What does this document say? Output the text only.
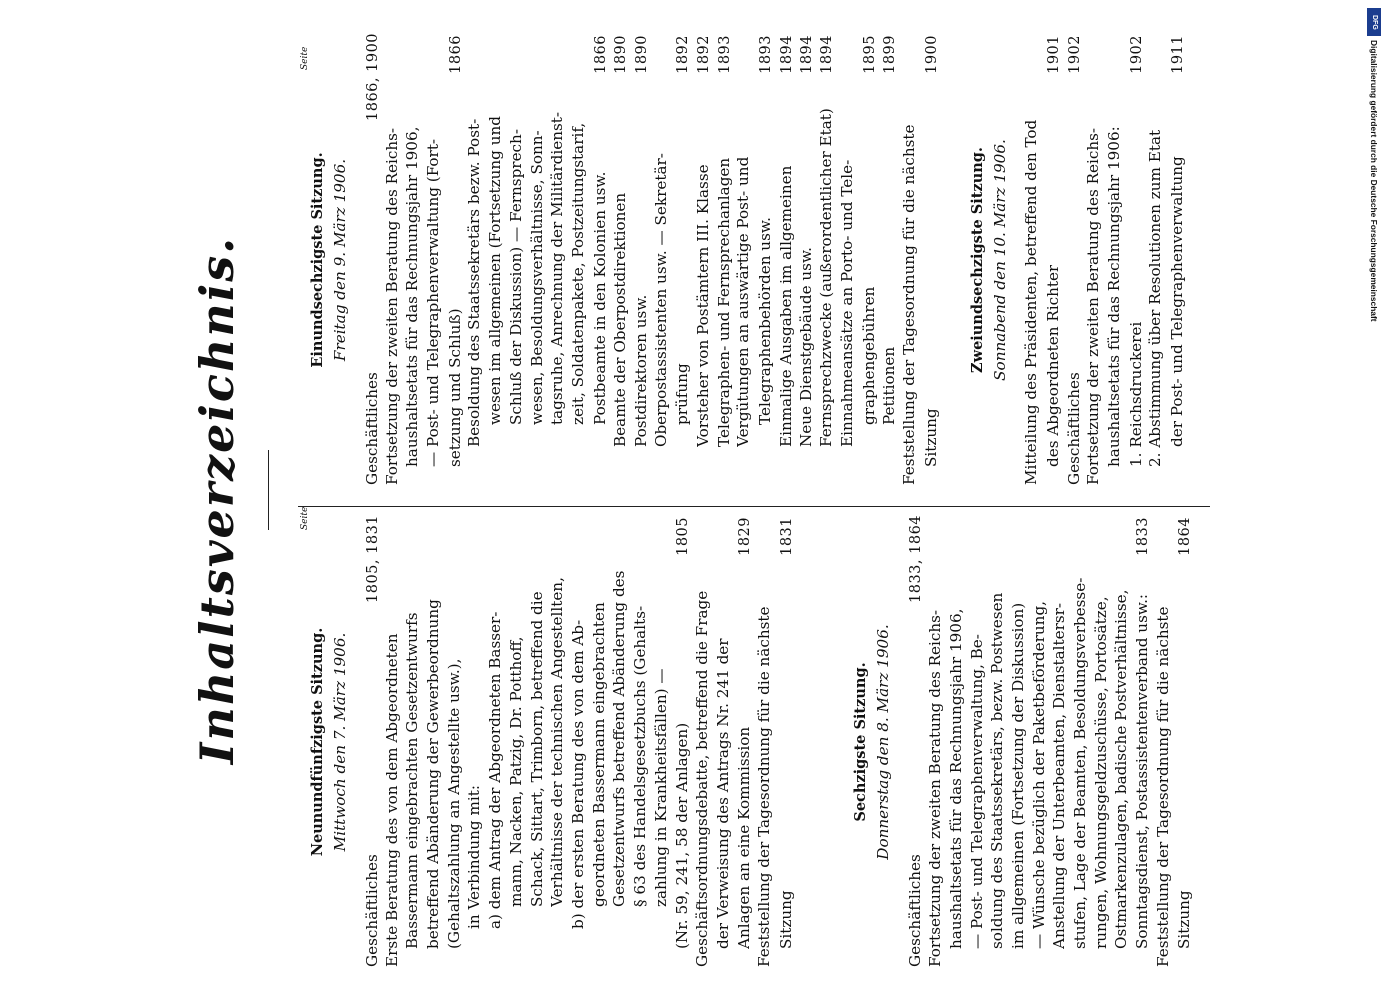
Inhaltsverzeichnis.	Seite
Seite
Neunundfünfzigste Sitzung. Mittwoch den 7. März 1906.
Geschäftliches
1805, 1831
Erste Beratung des von dem Abgeordneten Bassermann eingebrachten Gesetzentwurfs betreffend Abänderung der Gewerbeordnung (Gehaltszahlung an Angestellte usw.), in Verbindung mit: a) dem Antrag der Abgeordneten Basser- mann, Nacken, Patzig, Dr. Potthoff, Schack, Sittart, Trimborn, betreffend die Verhältnisse der technischen Angestellten, b) der ersten Beratung des von dem Ab- geordneten Bassermann eingebrachten Gesetzentwurfs betreffend Abänderung des § 63 des Handelsgesetzbuchs (Gehalts- zahlung in Krankheitsfällen) — (Nr. 59, 241, 58 der Anlagen)
1805
Geschäftsordnungsdebatte, betreffend die Frage der Verweisung des Antrags Nr. 241 der Anlagen an eine Kommission
1829
Feststellung der Tagesordnung für die nächste Sitzung
1831
Sechzigste Sitzung. Donnerstag den 8. März 1906.
Geschäftliches
1833, 1864
Fortsetzung der zweiten Beratung des Reichs- haushaltsetats für das Rechnungsjahr 1906, — Post- und Telegraphenverwaltung, Be- soldung des Staatssekretärs, bezw. Postwesen im allgemeinen (Fortsetzung der Diskussion) — Wünsche bezüglich der Paketbeförderung, Anstellung der Unterbeamten, Dienstaltersr- stufen, Lage der Beamten, Besoldungsverbesse- rungen, Wohnungsgeldzuschüsse, Portosätze, Ostmarkenzulagen, badische Postverhältnisse, Sonntagsdienst, Postassistentenverband usw.:
1833
Feststellung der Tagesordnung für die nächste Sitzung
1864
Einundsechzigste Sitzung. Freitag den 9. März 1906.
Geschäftliches
1866, 1900
Fortsetzung der zweiten Beratung des Reichs- haushaltsetats für das Rechnungsjahr 1906, — Post- und Telegraphenverwaltung (Fort- setzung und Schluß)
1866
Besoldung des Staatssekretärs bezw. Post- wesen im allgemeinen (Fortsetzung und Schluß der Diskussion) — Fernsprech- wesen, Besoldungsverhältnisse, Sonn- tagsruhe, Anrechnung der Militärdienst- zeit, Soldatenpakete, Postzeitungstarif, Postbeamte in den Kolonien usw.
1866
Beamte der Oberpostdirektionen
1890
Postdirektoren usw.
1890
Oberpostassistenten usw. — Sekretär- prüfung
1892
Vorsteher von Postämtern III. Klasse
1892
Telegraphen- und Fernsprechanlagen
1893
Vergütungen an auswärtige Post- und Telegraphenbehörden usw.
1893
Einmalige Ausgaben im allgemeinen
1894
Neue Dienstgebäude usw.
1894
Fernsprechzwecke (außerordentlicher Etat)
1894
Einnahmeansätze an Porto- und Tele- graphengebühren
1895
Petitionen
1899
Feststellung der Tagesordnung für die nächste Sitzung
1900
Zweiundsechzigste Sitzung. Sonnabend den 10. März 1906. Mitteilung des Präsidenten, betreffend den Tod des Abgeordneten Richter
1901
Geschäftliches
1902
Fortsetzung der zweiten Beratung des Reichs- haushaltsetats für das Rechnungsjahr 1906: 1. Reichsdruckerei
1902
2. Abstimmung über Resolutionen zum Etat der Post- und Telegraphenverwaltung
1911
DFG
Digitalisierung gefördert durch die Deutsche Forschungsgemeinschaft
